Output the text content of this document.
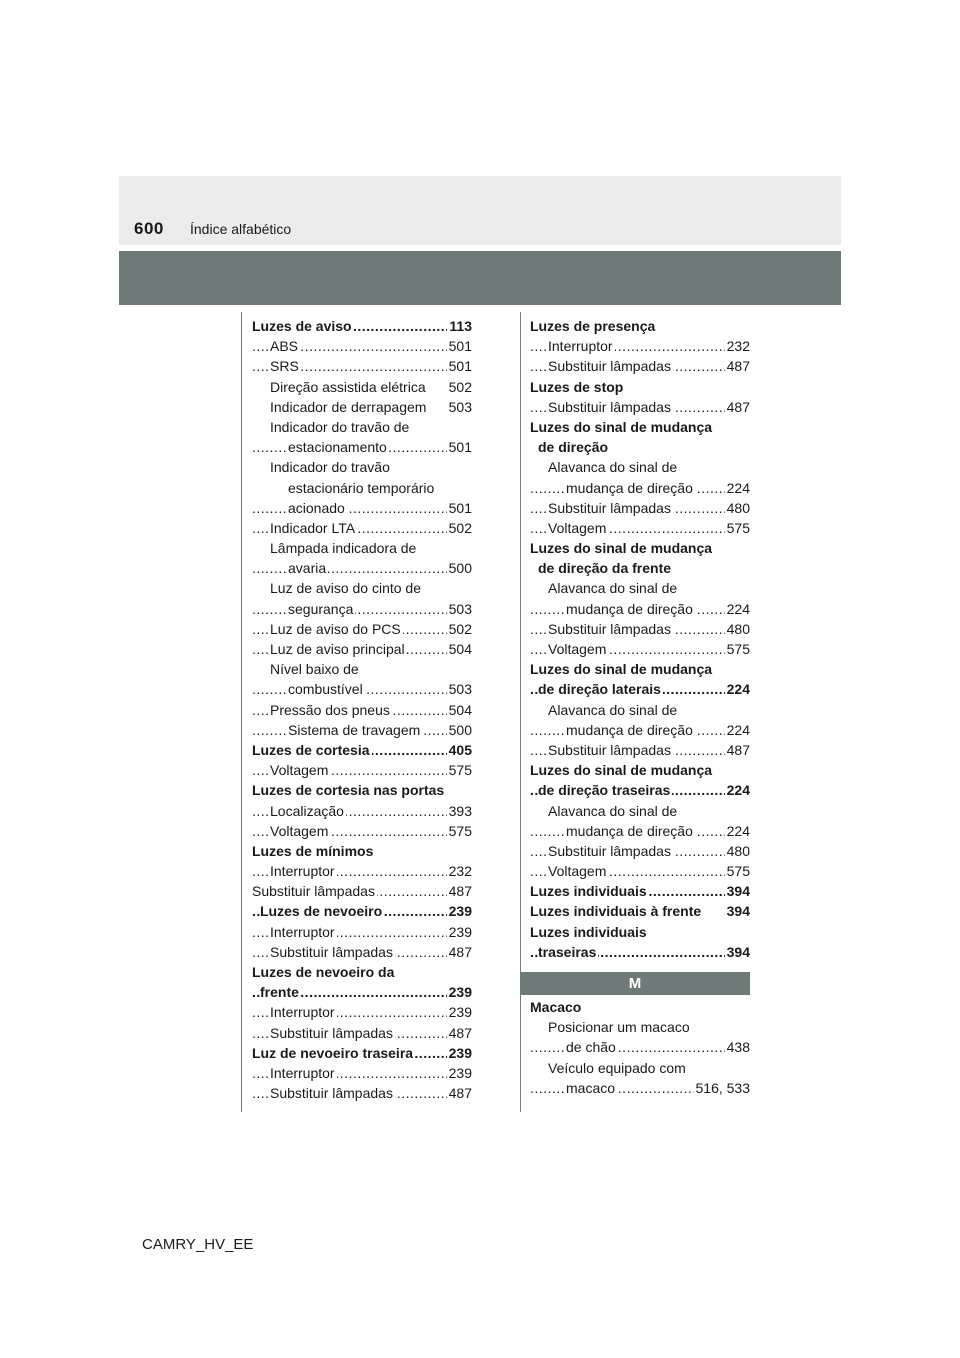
600 Índice alfabético
Luzes de aviso	113
.....
ABS	501
.....
SRS	501
.....
Direção assistida elétrica 502
Indicador de derrapagem 503
Indicador do travão de
estacionamento	501
.....
Indicador do travão
estacionário temporário
acionado	501
.....
Indicador LTA	502
.....
Lâmpada indicadora de
avaria	500
.....
Luz de aviso do cinto de
segurança	503
.....
Luz de aviso do PCS	502
.....
Luz de aviso principal	504
.....
Nível baixo de
combustível	503
.....
Pressão dos pneus	504
.....
Sistema de travagem 500
.....
Luzes de cortesia	405
.....
Voltagem	575
.....
Luzes de cortesia nas portas
Localização	393
.....
Voltagem	575
.....
Luzes de mínimos
Interruptor	232
.....
Substituir lâmpadas	487
.....
Luzes de nevoeiro	239
.....
Interruptor	239
.....
Substituir lâmpadas	487
.....
Luzes de nevoeiro da
frente	239
.....
Interruptor	239
.....
Substituir lâmpadas	487
.....
Luz de nevoeiro traseira	239
.....
Interruptor	239
.....
Substituir lâmpadas	487
.....
Luzes de presença
Interruptor	232
.....
Substituir lâmpadas	487
.....
Luzes de stop
Substituir lâmpadas	487
.....
Luzes do sinal de mudança
de direção
Alavanca do sinal de
mudança de direção 224
.....
Substituir lâmpadas	480
.....
Voltagem	575
.....
Luzes do sinal de mudança
de direção da frente
Alavanca do sinal de
mudança de direção 224
.....
Substituir lâmpadas	480
.....
Voltagem	575
.....
Luzes do sinal de mudança
de direção laterais	224
.....
Alavanca do sinal de
mudança de direção 224
.....
Substituir lâmpadas	487
.....
Luzes do sinal de mudança
de direção traseiras	224
.....
Alavanca do sinal de
mudança de direção 224
.....
Substituir lâmpadas	480
.....
Voltagem	575
.....
Luzes individuais	394
.....
Luzes individuais à frente 394
Luzes individuais
traseiras	394
.....
M
Macaco
Posicionar um macaco
de chão	438
.....
Veículo equipado com
macaco	516, 533
.....
CAMRY_HV_EE
